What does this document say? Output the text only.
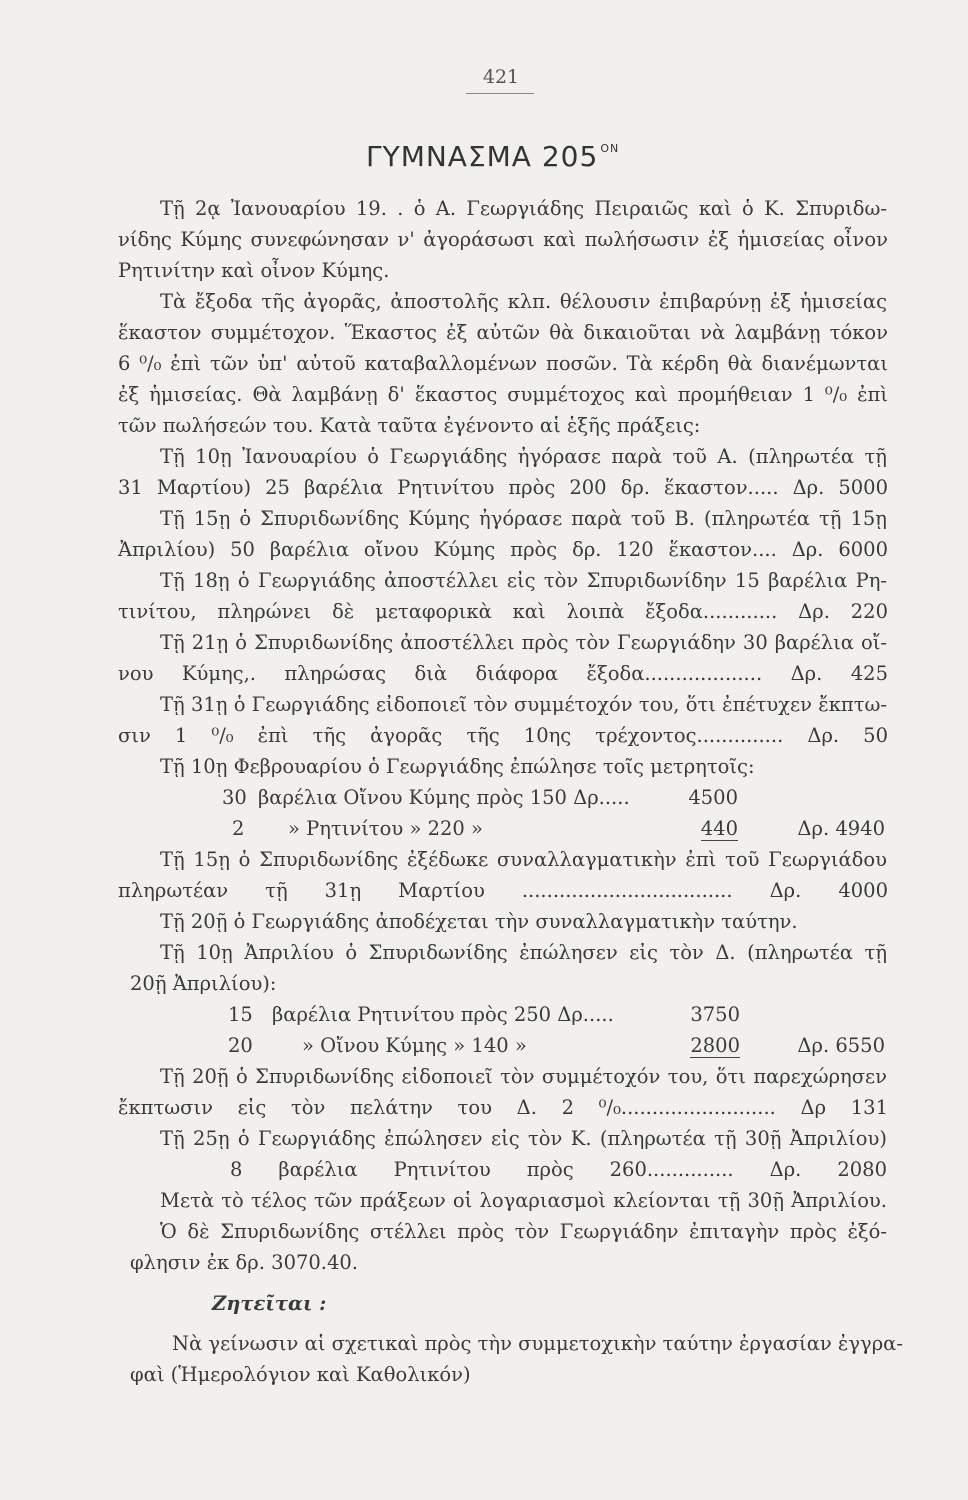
421
ΓΥΜΝΑΣΜΑ 205 $^{ON}$
Τῇ 2ᾳ Ἰανουαρίου 19. . ὁ Α. Γεωργιάδης Πειραιῶς καὶ ὁ Κ. Σπυριδω-
νίδης Κύμης συνεφώνησαν ν' ἀγοράσωσι καὶ πωλήσωσιν ἐξ ἡμισείας οἶνον
Ρητινίτην καὶ οἶνον Κύμης.
Τὰ ἔξοδα τῆς ἀγορᾶς, ἀποστολῆς κλπ. θέλουσιν ἐπιβαρύνῃ ἐξ ἡμισείας
ἕκαστον συμμέτοχον. Ἕκαστος ἐξ αὐτῶν θὰ δικαιοῦται νὰ λαμβάνῃ τόκον
6 ⁰/₀ ἐπὶ τῶν ὑπ' αὐτοῦ καταβαλλομένων ποσῶν. Τὰ κέρδη θὰ διανέμωνται
ἐξ ἡμισείας. Θὰ λαμβάνῃ δ' ἕκαστος συμμέτοχος καὶ προμήθειαν 1 ⁰/₀ ἐπὶ
τῶν πωλήσεών του. Κατὰ ταῦτα ἐγένοντο αἱ ἑξῆς πράξεις:
Τῇ 10ῃ Ἰανουαρίου ὁ Γεωργιάδης ἠγόρασε παρὰ τοῦ Α. (πληρωτέα τῇ
31 Μαρτίου) 25 βαρέλια Ρητινίτου πρὸς 200 δρ. ἕκαστον..... Δρ. 5000
Τῇ 15ῃ ὁ Σπυριδωνίδης Κύμης ἠγόρασε παρὰ τοῦ Β. (πληρωτέα τῇ 15ῃ
Ἀπριλίου) 50 βαρέλια οἴνου Κύμης πρὸς δρ. 120 ἕκαστον.... Δρ. 6000
Τῇ 18ῃ ὁ Γεωργιάδης ἀποστέλλει εἰς τὸν Σπυριδωνίδην 15 βαρέλια Ρη-
τινίτου, πληρώνει δὲ μεταφορικὰ καὶ λοιπὰ ἔξοδα............ Δρ. 220
Τῇ 21ῃ ὁ Σπυριδωνίδης ἀποστέλλει πρὸς τὸν Γεωργιάδην 30 βαρέλια οἴ-
νου Κύμης,. πληρώσας διὰ διάφορα ἔξοδα................... Δρ. 425
Τῇ 31ῃ ὁ Γεωργιάδης εἰδοποιεῖ τὸν συμμέτοχόν του, ὅτι ἐπέτυχεν ἔκπτω-
σιν 1 ⁰/₀ ἐπὶ τῆς ἀγορᾶς τῆς 10ης τρέχοντος.............. Δρ. 50
Τῇ 10ῃ Φεβρουαρίου ὁ Γεωργιάδης ἐπώλησε τοῖς μετρητοῖς:
30 βαρέλια Οἴνου Κύμης πρὸς 150 Δρ.....	4500
2 » Ρητινίτου » 220 »	440	Δρ. 4940
Τῇ 15ῃ ὁ Σπυριδωνίδης ἐξέδωκε συναλλαγματικὴν ἐπὶ τοῦ Γεωργιάδου
πληρωτέαν τῇ 31ῃ Μαρτίου .................................. Δρ. 4000
Τῇ 20ῇ ὁ Γεωργιάδης ἀποδέχεται τὴν συναλλαγματικὴν ταύτην.
Τῇ 10ῃ Ἀπριλίου ὁ Σπυριδωνίδης ἐπώλησεν εἰς τὸν Δ. (πληρωτέα τῇ
20ῇ Ἀπριλίου):
15 βαρέλια Ρητινίτου πρὸς 250 Δρ.....	3750
20	» Οἴνου Κύμης » 140 »	2800	Δρ. 6550
Τῇ 20ῇ ὁ Σπυριδωνίδης εἰδοποιεῖ τὸν συμμέτοχόν του, ὅτι παρεχώρησεν
ἔκπτωσιν εἰς τὸν πελάτην του Δ. 2 ⁰/₀......................... Δρ 131
Τῇ 25ῃ ὁ Γεωργιάδης ἐπώλησεν εἰς τὸν Κ. (πληρωτέα τῇ 30ῇ Ἀπριλίου)
8 βαρέλια Ρητινίτου πρὸς 260.............. Δρ. 2080
Μετὰ τὸ τέλος τῶν πράξεων οἱ λογαριασμοὶ κλείονται τῇ 30ῇ Ἀπριλίου.
Ὁ δὲ Σπυριδωνίδης στέλλει πρὸς τὸν Γεωργιάδην ἐπιταγὴν πρὸς ἐξό-
φλησιν ἐκ δρ. 3070.40.
Ζητεῖται :
Νὰ γείνωσιν αἱ σχετικαὶ πρὸς τὴν συμμετοχικὴν ταύτην ἐργασίαν ἐγγρα-
φαὶ (Ἡμερολόγιον καὶ Καθολικόν)
